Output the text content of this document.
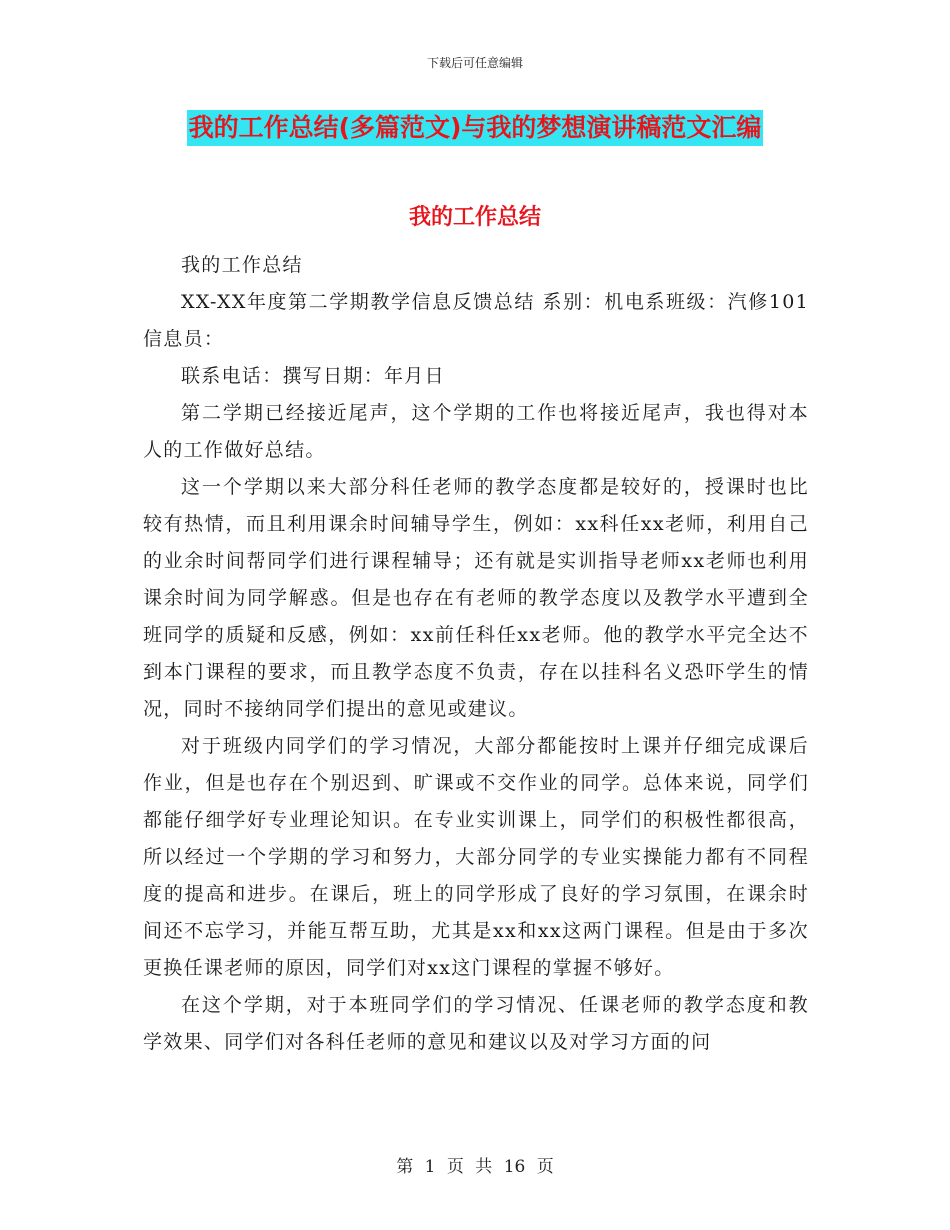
下载后可任意编辑
我的工作总结(多篇范文)与我的梦想演讲稿范文汇编
我的工作总结

我的工作总结

XX-XX年度第二学期教学信息反馈总结 系别：机电系班级：汽修101信息员：

联系电话：撰写日期：年月日

第二学期已经接近尾声，这个学期的工作也将接近尾声，我也得对本人的工作做好总结。

这一个学期以来大部分科任老师的教学态度都是较好的，授课时也比较有热情，而且利用课余时间辅导学生，例如：xx科任xx老师，利用自己的业余时间帮同学们进行课程辅导；还有就是实训指导老师xx老师也利用课余时间为同学解惑。但是也存在有老师的教学态度以及教学水平遭到全班同学的质疑和反感，例如：xx前任科任xx老师。他的教学水平完全达不到本门课程的要求，而且教学态度不负责，存在以挂科名义恐吓学生的情况，同时不接纳同学们提出的意见或建议。

对于班级内同学们的学习情况，大部分都能按时上课并仔细完成课后作业，但是也存在个别迟到、旷课或不交作业的同学。总体来说，同学们都能仔细学好专业理论知识。在专业实训课上，同学们的积极性都很高，所以经过一个学期的学习和努力，大部分同学的专业实操能力都有不同程度的提高和进步。在课后，班上的同学形成了良好的学习氛围，在课余时间还不忘学习，并能互帮互助，尤其是xx和xx这两门课程。但是由于多次更换任课老师的原因，同学们对xx这门课程的掌握不够好。

在这个学期，对于本班同学们的学习情况、任课老师的教学态度和教学效果、同学们对各科任老师的意见和建议以及对学习方面的问

第 1 页 共 16 页
